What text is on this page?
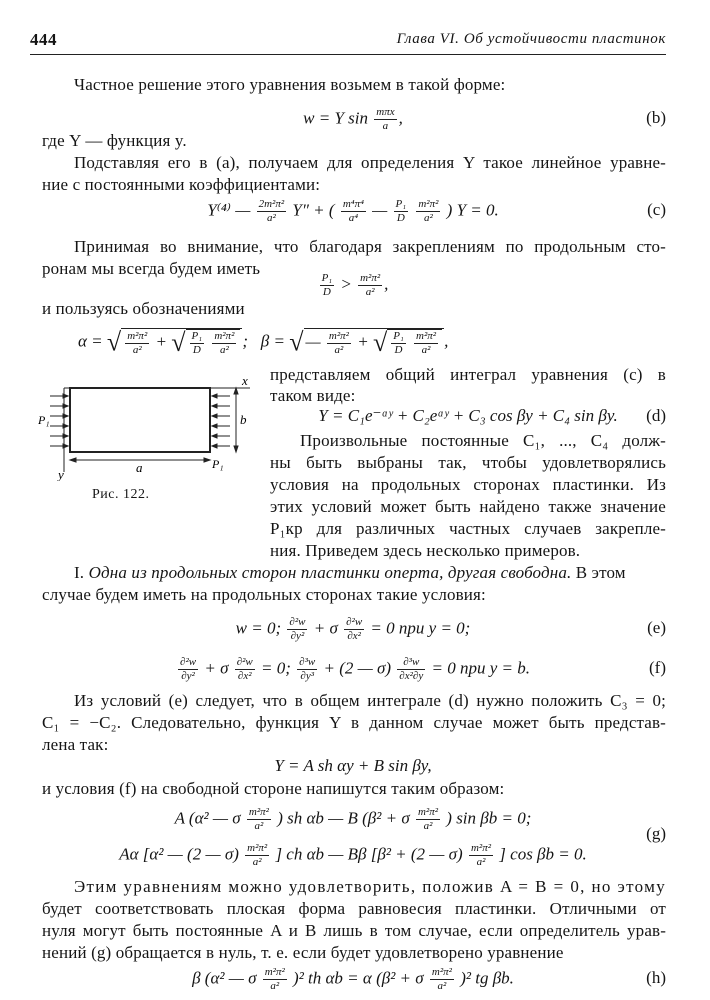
444	Глава VI. Об устойчивости пластинок
Частное решение этого уравнения возьмем в такой форме:
w = Y $\sin \frac{\text{mπx}}{a}$ ,	(b)
где Y — функция y.
Подставляя его в (а), получаем для определения Y такое линейное уравне-
ние с постоянными коэффициентами:
Y⁽⁴⁾ — $\frac{\text{2m²π²}}{\text{a²}} Y''$ + ( $\frac{\text{m⁴π⁴}}{\text{a⁴}}$ — $\frac{\text{P₁}}{D}$
$\frac{\text{m²π²}}{\text{a²}}$ ) Y = 0.	(c)
Принимая во внимание, что благодаря закреплениям по продольным сто-
ронам мы всегда будем иметь
$\frac{\text{P₁}}{D} > \frac{\text{m²π²}}{\text{a²}}$ ,
и пользуясь обозначениями
α = √ $\frac{\text{m²π²}}{\text{a²}}$ + √ $\frac{\text{P₁}}{D}$
$\frac{\text{m²π²}}{\text{a²}}$ ; β = √— $\frac{\text{m²π²}}{\text{a²}}$ + √ $\frac{\text{P₁}}{D}$
$\frac{\text{m²π²}}{\text{a²}}$ ,
x
y	a
b
P₁
P₁
Рис. 122.
представляем общий интеграл уравнения (c) в
таком виде:
Y = C₁e⁻ᵅʸ + C₂eᵅʸ + C₃ cos βy + C₄ sin βy. (d)
Произвольные постоянные C₁, ..., C₄ долж-
ны быть выбраны так, чтобы удовлетворялись
условия на продольных сторонах пластинки. Из
этих условий может быть найдено также значение
P₁кр для различных частных случаев закрепле-
ния. Приведем здесь несколько примеров.
I. Одна из продольных сторон пластинки оперта, другая свободна. В этом
случае будем иметь на продольных сторонах такие условия:
w = 0; $\frac{\text{∂²w}}{\text{∂y²}} + \sigma \frac{\text{∂²w}}{\text{∂x²}} = 0$ при y = 0;	(e)
$\frac{\text{∂²w}}{\text{∂y²}} + \sigma \frac{\text{∂²w}}{\text{∂x²}} = 0$; $\frac{\text{∂³w}}{\text{∂y³}} + (2$ — $\sigma) \frac{\text{∂³w}}{\text{∂x²∂y}} = 0$ при y = b.	(f)
Из условий (е) следует, что в общем интеграле (d) нужно положить C₃ = 0;
C₁ = −C₂. Следовательно, функция Y в данном случае может быть представ-
лена так:
Y = A sh αy + B sin βy,
и условия (f) на свободной стороне напишутся таким образом:
A (α² — σ $\frac{\text{m²π²}}{\text{a²}}$ ) sh αb — B (β² + σ $\frac{\text{m²π²}}{\text{a²}}$ ) sin βb = 0;
Aα [α² — (2 — $\sigma) \frac{\text{m²π²}}{\text{a²}}$ ] ch αb — Bβ [β² + (2 — $\sigma) \frac{\text{m²π²}}{\text{a²}}$ ] cos βb = 0.
(g)
Этим уравнениям можно удовлетворить, положив A = B = 0, но этому
будет соответствовать плоская форма равновесия пластинки. Отличными от
нуля могут быть постоянные A и B лишь в том случае, если определитель урав-
нений (g) обращается в нуль, т. е. если будет удовлетворено уравнение
β (α² — σ $\frac{\text{m²π²}}{\text{a²}} )^2$ th αb = α (β² + σ $\frac{\text{m²π²}}{\text{a²}} )^2$ tg βb.	(h)
